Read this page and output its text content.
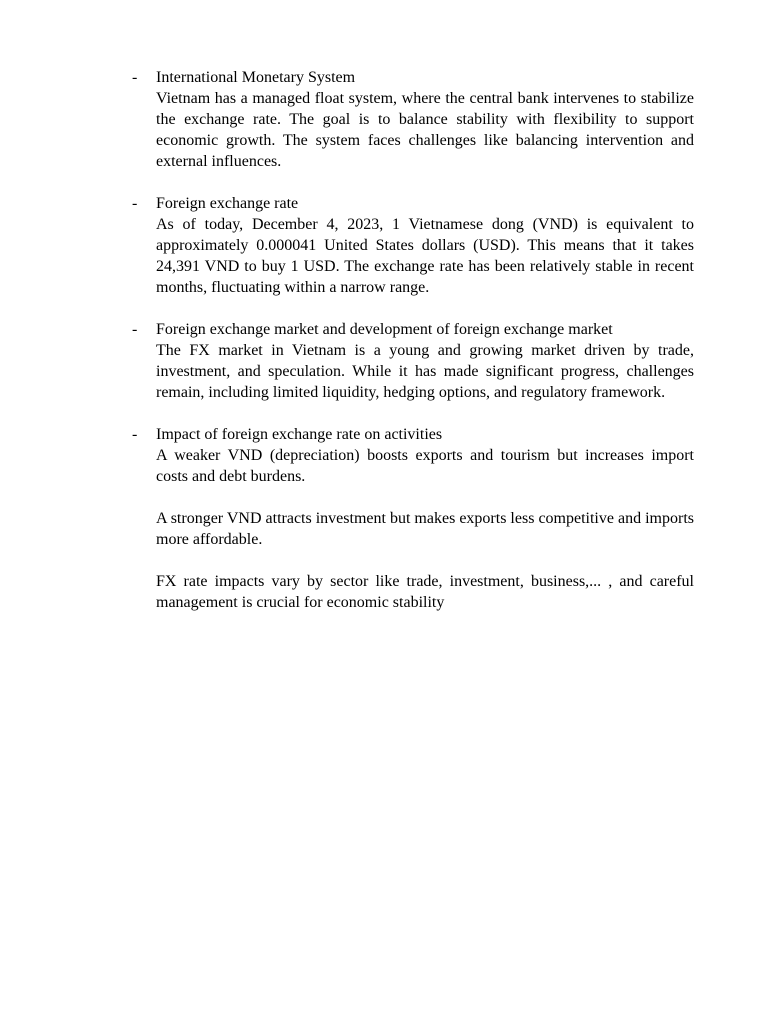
- International Monetary System

Vietnam has a managed float system, where the central bank intervenes to stabilize the exchange rate. The goal is to balance stability with flexibility to support economic growth. The system faces challenges like balancing intervention and external influences.

- Foreign exchange rate

As of today, December 4, 2023, 1 Vietnamese dong (VND) is equivalent to approximately 0.000041 United States dollars (USD). This means that it takes 24,391 VND to buy 1 USD. The exchange rate has been relatively stable in recent months, fluctuating within a narrow range.

- Foreign exchange market and development of foreign exchange market

The FX market in Vietnam is a young and growing market driven by trade, investment, and speculation. While it has made significant progress, challenges remain, including limited liquidity, hedging options, and regulatory framework.

- Impact of foreign exchange rate on activities

A weaker VND (depreciation) boosts exports and tourism but increases import costs and debt burdens.

A stronger VND attracts investment but makes exports less competitive and imports more affordable.

FX rate impacts vary by sector like trade, investment, business,... , and careful management is crucial for economic stability
